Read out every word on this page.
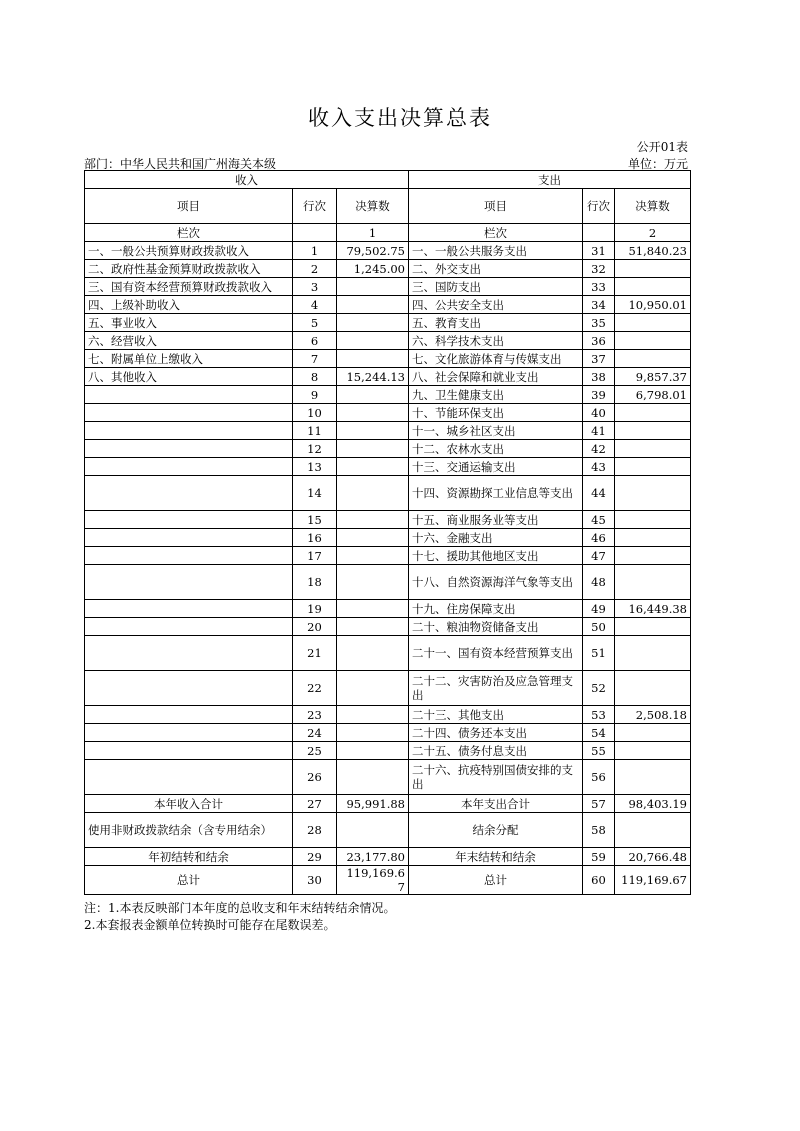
收入支出决算总表
公开01表
部门：中华人民共和国广州海关本级	单位：万元
收入			支出		
项目	行次	决算数	项目	行次	决算数
栏次		1	栏次		2
一、一般公共预算财政拨款收入	1	79,502.75	一、一般公共服务支出	31	51,840.23
二、政府性基金预算财政拨款收入	2	1,245.00	二、外交支出	32	
三、国有资本经营预算财政拨款收入	3		三、国防支出	33	
四、上级补助收入	4		四、公共安全支出	34	10,950.01
五、事业收入	5		五、教育支出	35	
六、经营收入	6		六、科学技术支出	36	
七、附属单位上缴收入	7		七、文化旅游体育与传媒支出	37	
八、其他收入	8	15,244.13	八、社会保障和就业支出	38	9,857.37
	9		九、卫生健康支出	39	6,798.01
	10		十、节能环保支出	40	
	11		十一、城乡社区支出	41	
	12		十二、农林水支出	42	
	13		十三、交通运输支出	43	
	14		十四、资源勘探工业信息等支出	44	
	15		十五、商业服务业等支出	45	
	16		十六、金融支出	46	
	17		十七、援助其他地区支出	47	
	18		十八、自然资源海洋气象等支出	48	
	19		十九、住房保障支出	49	16,449.38
	20		二十、粮油物资储备支出	50	
	21		二十一、国有资本经营预算支出	51	
	22		二十二、灾害防治及应急管理支出	52	
	23		二十三、其他支出	53	2,508.18
	24		二十四、债务还本支出	54	
	25		二十五、债务付息支出	55	
	26		二十六、抗疫特别国债安排的支出	56	
本年收入合计	27	95,991.88	本年支出合计	57	98,403.19
使用非财政拨款结余（含专用结余）	28		结余分配	58	
年初结转和结余	29	23,177.80	年末结转和结余	59	20,766.48
总计	30	119,169.67	总计	60	119,169.67
注：1.本表反映部门本年度的总收支和年末结转结余情况。
2.本套报表金额单位转换时可能存在尾数误差。
